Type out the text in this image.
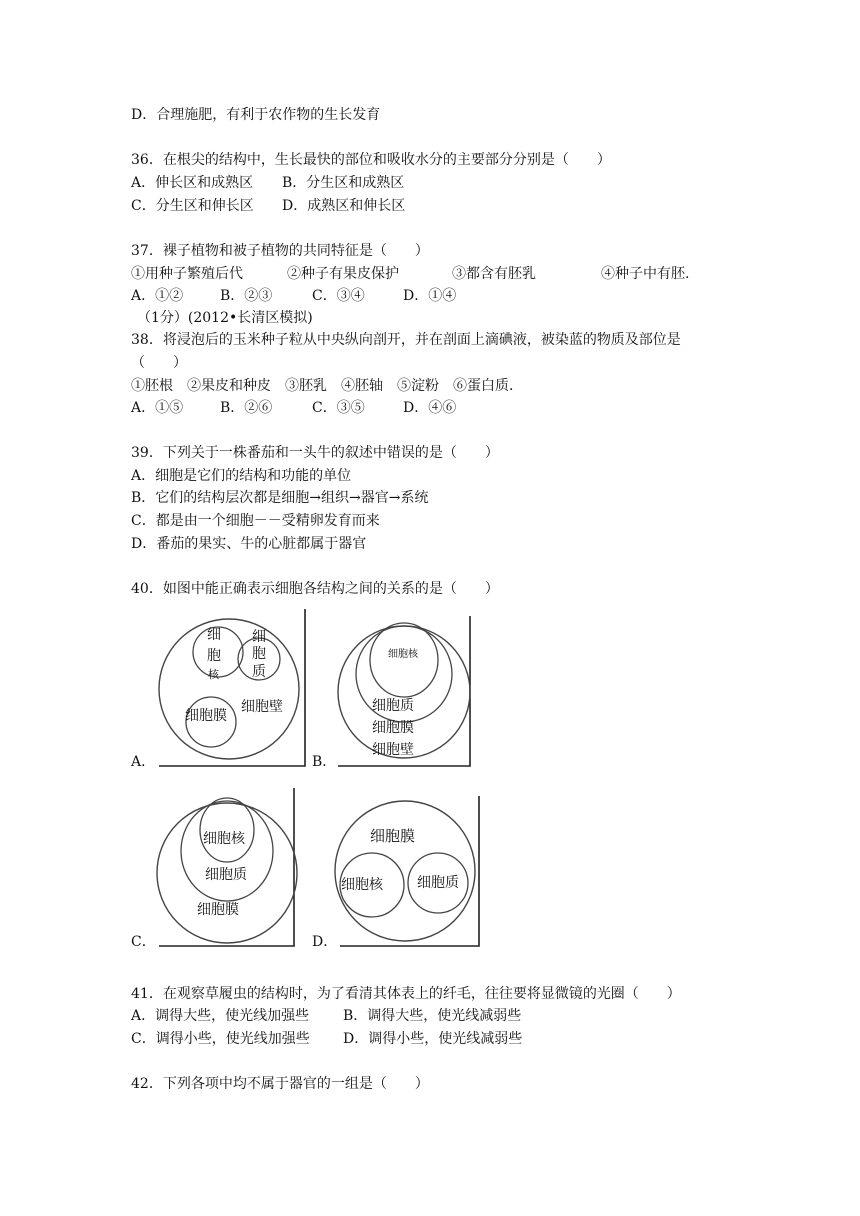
D．合理施肥，有利于农作物的生长发育
36．在根尖的结构中，生长最快的部位和吸收水分的主要部分分别是（　　）
A．伸长区和成熟区 B．分生区和成熟区
C．分生区和伸长区 D．成熟区和伸长区
37．裸子植物和被子植物的共同特征是（　　）
①用种子繁殖后代	②种子有果皮保护	③都含有胚乳	④种子中有胚.
A．①②	B．②③	C．③④	D．①④
（1分）(2012•长清区模拟)
38．将浸泡后的玉米种子粒从中央纵向剖开，并在剖面上滴碘液，被染蓝的物质及部位是
（　　）
①胚根　②果皮和种皮　③胚乳　④胚轴　⑤淀粉　⑥蛋白质.
A．①⑤	B．②⑥	C．③⑤	D．④⑥
39．下列关于一株番茄和一头牛的叙述中错误的是（　　）
A．细胞是它们的结构和功能的单位
B．它们的结构层次都是细胞→组织→器官→系统
C．都是由一个细胞－－受精卵发育而来
D．番茄的果实、牛的心脏都属于器官
40．如图中能正确表示细胞各结构之间的关系的是（　　）
A．
细
胞
核
细
胞
质
细胞膜
细胞壁
B．
细胞核
细胞质
细胞膜
细胞壁
C．
细胞核
细胞质
细胞膜
D．
细胞膜
细胞核 细胞质
41．在观察草履虫的结构时，为了看清其体表上的纤毛，往往要将显微镜的光圈（　　）
A．调得大些，使光线加强些 B．调得大些，使光线减弱些
C．调得小些，使光线加强些 D．调得小些，使光线减弱些
42．下列各项中均不属于器官的一组是（　　）
